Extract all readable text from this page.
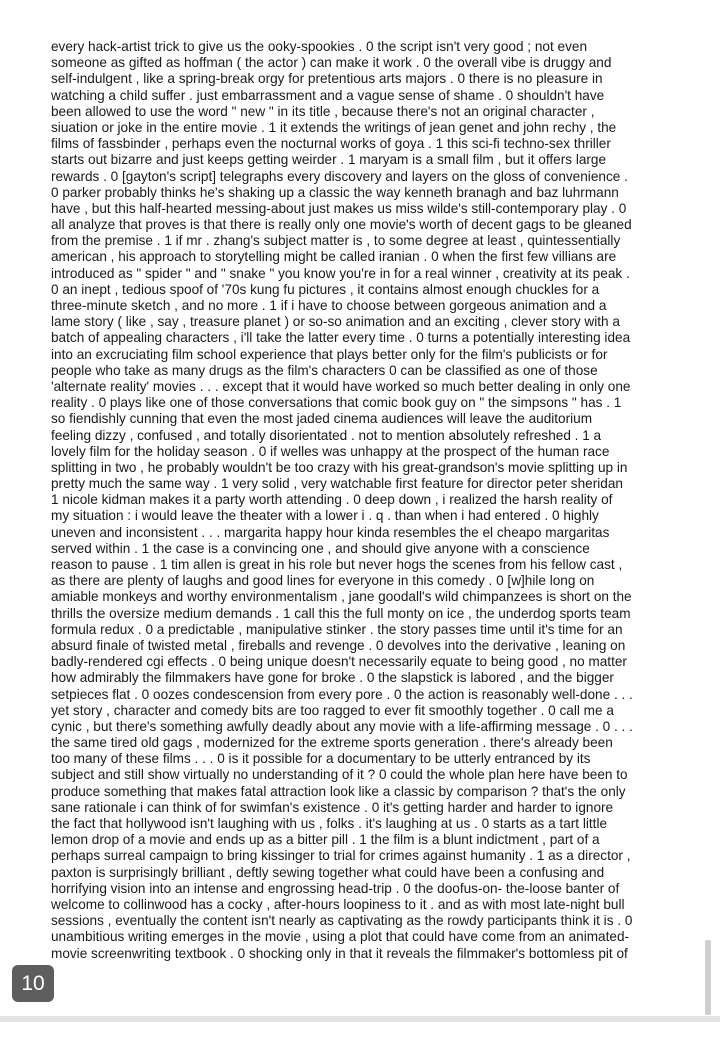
every hack-artist trick to give us the ooky-spookies . 0 the script isn't very good ; not even
someone as gifted as hoffman ( the actor ) can make it work . 0 the overall vibe is druggy and
self-indulgent , like a spring-break orgy for pretentious arts majors . 0 there is no pleasure in
watching a child suffer . just embarrassment and a vague sense of shame . 0 shouldn't have
been allowed to use the word " new " in its title , because there's not an original character ,
siuation or joke in the entire movie . 1 it extends the writings of jean genet and john rechy , the
films of fassbinder , perhaps even the nocturnal works of goya . 1 this sci-fi techno-sex thriller
starts out bizarre and just keeps getting weirder . 1 maryam is a small film , but it offers large
rewards . 0 [gayton's script] telegraphs every discovery and layers on the gloss of convenience .
0 parker probably thinks he's shaking up a classic the way kenneth branagh and baz luhrmann
have , but this half-hearted messing-about just makes us miss wilde's still-contemporary play . 0
all analyze that proves is that there is really only one movie's worth of decent gags to be gleaned
from the premise . 1 if mr . zhang's subject matter is , to some degree at least , quintessentially
american , his approach to storytelling might be called iranian . 0 when the first few villians are
introduced as " spider " and " snake " you know you're in for a real winner , creativity at its peak .
0 an inept , tedious spoof of '70s kung fu pictures , it contains almost enough chuckles for a
three-minute sketch , and no more . 1 if i have to choose between gorgeous animation and a
lame story ( like , say , treasure planet ) or so-so animation and an exciting , clever story with a
batch of appealing characters , i'll take the latter every time . 0 turns a potentially interesting idea
into an excruciating film school experience that plays better only for the film's publicists or for
people who take as many drugs as the film's characters 0 can be classified as one of those
'alternate reality' movies . . . except that it would have worked so much better dealing in only one
reality . 0 plays like one of those conversations that comic book guy on " the simpsons " has . 1
so fiendishly cunning that even the most jaded cinema audiences will leave the auditorium
feeling dizzy , confused , and totally disorientated . not to mention absolutely refreshed . 1 a
lovely film for the holiday season . 0 if welles was unhappy at the prospect of the human race
splitting in two , he probably wouldn't be too crazy with his great-grandson's movie splitting up in
pretty much the same way . 1 very solid , very watchable first feature for director peter sheridan
1 nicole kidman makes it a party worth attending . 0 deep down , i realized the harsh reality of
my situation : i would leave the theater with a lower i . q . than when i had entered . 0 highly
uneven and inconsistent . . . margarita happy hour kinda resembles the el cheapo margaritas
served within . 1 the case is a convincing one , and should give anyone with a conscience
reason to pause . 1 tim allen is great in his role but never hogs the scenes from his fellow cast ,
as there are plenty of laughs and good lines for everyone in this comedy . 0 [w]hile long on
amiable monkeys and worthy environmentalism , jane goodall's wild chimpanzees is short on the
thrills the oversize medium demands . 1 call this the full monty on ice , the underdog sports team
formula redux . 0 a predictable , manipulative stinker . the story passes time until it's time for an
absurd finale of twisted metal , fireballs and revenge . 0 devolves into the derivative , leaning on
badly-rendered cgi effects . 0 being unique doesn't necessarily equate to being good , no matter
how admirably the filmmakers have gone for broke . 0 the slapstick is labored , and the bigger
setpieces flat . 0 oozes condescension from every pore . 0 the action is reasonably well-done . . .
yet story , character and comedy bits are too ragged to ever fit smoothly together . 0 call me a
cynic , but there's something awfully deadly about any movie with a life-affirming message . 0 . . .
the same tired old gags , modernized for the extreme sports generation . there's already been
too many of these films . . . 0 is it possible for a documentary to be utterly entranced by its
subject and still show virtually no understanding of it ? 0 could the whole plan here have been to
produce something that makes fatal attraction look like a classic by comparison ? that's the only
sane rationale i can think of for swimfan's existence . 0 it's getting harder and harder to ignore
the fact that hollywood isn't laughing with us , folks . it's laughing at us . 0 starts as a tart little
lemon drop of a movie and ends up as a bitter pill . 1 the film is a blunt indictment , part of a
perhaps surreal campaign to bring kissinger to trial for crimes against humanity . 1 as a director ,
paxton is surprisingly brilliant , deftly sewing together what could have been a confusing and
horrifying vision into an intense and engrossing head-trip . 0 the doofus-on- the-loose banter of
welcome to collinwood has a cocky , after-hours loopiness to it . and as with most late-night bull
sessions , eventually the content isn't nearly as captivating as the rowdy participants think it is . 0
unambitious writing emerges in the movie , using a plot that could have come from an animated-
movie screenwriting textbook . 0 shocking only in that it reveals the filmmaker's bottomless pit of
10
